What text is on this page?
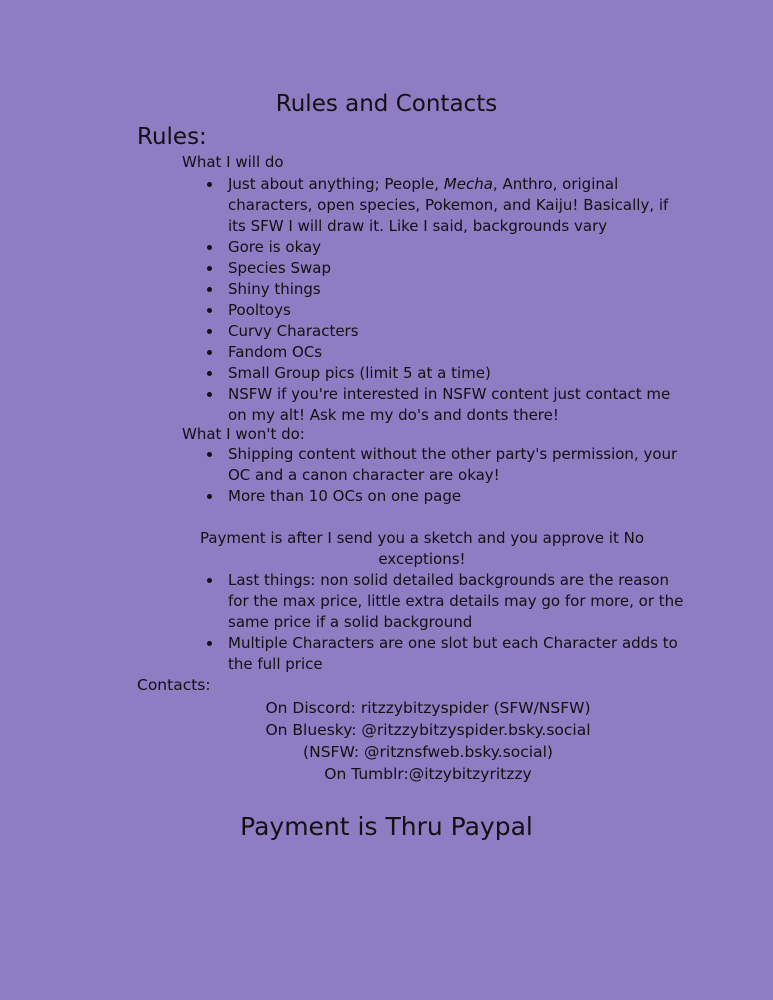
Rules and Contacts
Rules:
What I will do
Just about anything; People, Mecha, Anthro, original characters, open species, Pokemon, and Kaiju! Basically, if its SFW I will draw it. Like I said, backgrounds vary
Gore is okay
Species Swap
Shiny things
Pooltoys
Curvy Characters
Fandom OCs
Small Group pics (limit 5 at a time)
NSFW if you're interested in NSFW content just contact me on my alt! Ask me my do's and donts there!
What I won't do:
Shipping content without the other party's permission, your OC and a canon character are okay!
More than 10 OCs on one page
Payment is after I send you a sketch and you approve it No exceptions!
Last things: non solid detailed backgrounds are the reason for the max price, little extra details may go for more, or the same price if a solid background
Multiple Characters are one slot but each Character adds to the full price
Contacts:
On Discord: ritzzybitzyspider (SFW/NSFW)
On Bluesky: @ritzzybitzyspider.bsky.social
(NSFW: @ritznsfweb.bsky.social)
On Tumblr:@itzybitzyritzzy
Payment is Thru Paypal
